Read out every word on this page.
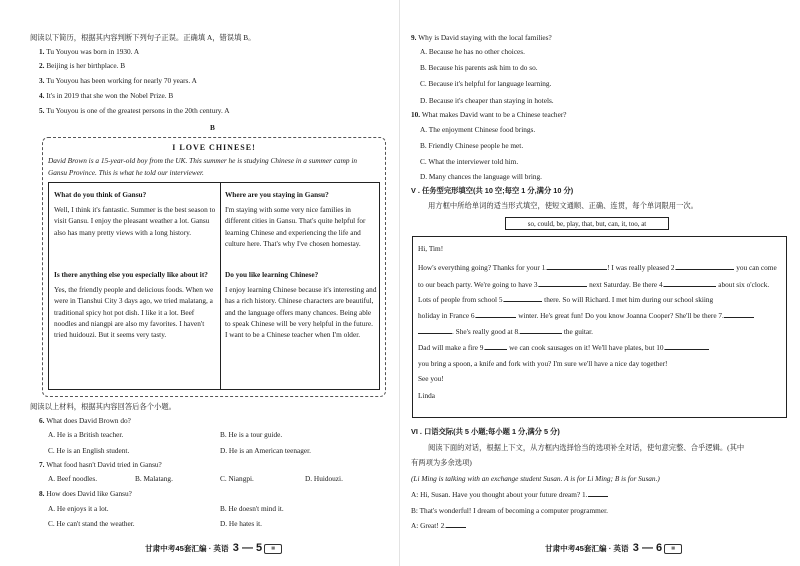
阅读以下简历，根据其内容判断下列句子正误。正确填 A，错误填 B。
1. Tu Youyou was born in 1930. A
2. Beijing is her birthplace. B
3. Tu Youyou has been working for nearly 70 years. A
4. It's in 2019 that she won the Nobel Prize. B
5. Tu Youyou is one of the greatest persons in the 20th century. A
B
I LOVE CHINESE!
David Brown is a 15-year-old boy from the UK. This summer he is studying Chinese in a summer camp in
Gansu Province. This is what he told our interviewer.
What do you think of Gansu?
Well, I think it's fantastic. Summer is the best season to visit Gansu. I enjoy the pleasant weather a lot. Gansu also has many pretty views with a long history.
Is there anything else you especially like about it?
Yes, the friendly people and delicious foods. When we were in Tianshui City 3 days ago, we tried malatang, a traditional spicy hot pot dish. I like it a lot. Beef noodles and niangpi are also my favorites. I haven't tried huidouzi. But it seems very tasty.
Where are you staying in Gansu?
I'm staying with some very nice families in different cities in Gansu. That's quite helpful for learning Chinese and experiencing the life and culture here. That's why I've chosen homestay.
Do you like learning Chinese?
I enjoy learning Chinese because it's interesting and has a rich history. Chinese characters are beautiful, and the language offers many chances. Being able to speak Chinese will be very helpful in the future. I want to be a Chinese teacher when I'm older.
阅读以上材料，根据其内容回答后各个小题。
6. What does David Brown do?
A. He is a British teacher.	B. He is a tour guide.
C. He is an English student.	D. He is an American teenager.
7. What food hasn't David tried in Gansu?
A. Beef noodles.	B. Malatang.	C. Niangpi.	D. Huidouzi.
8. How does David like Gansu?
A. He enjoys it a lot.	B. He doesn't mind it.
C. He can't stand the weather.	D. He hates it.
甘肃中考45套汇编 · 英语 3 — 5 ▦
9. Why is David staying with the local families?
A. Because he has no other choices.
B. Because his parents ask him to do so.
C. Because it's helpful for language learning.
D. Because it's cheaper than staying in hotels.
10. What makes David want to be a Chinese teacher?
A. The enjoyment Chinese food brings.
B. Friendly Chinese people he met.
C. What the interviewer told him.
D. Many chances the language will bring.
V . 任务型完形填空(共 10 空;每空 1 分,满分 10 分)
用方框中所给单词的适当形式填空，使短文通顺、正确、连贯，每个单词限用一次。
so, could, be, play, that, but, can, it, too, at
Hi, Tim!
How's everything going? Thanks for your 1.	! I was really pleased 2.	you can come
to our beach party. We're going to have 3.	next Saturday. Be there 4.	about six o'clock.
Lots of people from school 5.	there. So will Richard. I met him during our school skiing
holiday in France 6.	winter. He's great fun! Do you know Joanna Cooper? She'll be there 7.
. She's really good at 8.	the guitar.
Dad will make a fire 9.	we can cook sausages on it! We'll have plates, but 10.
you bring a spoon, a knife and fork with you? I'm sure we'll have a nice day together!
See you!
Linda
VI . 口语交际(共 5 小题;每小题 1 分,满分 5 分)
阅读下面的对话，根据上下文，从方框内选择恰当的选项补全对话，使句意完整、合乎逻辑。(其中
有两项为多余选项)
(Li Ming is talking with an exchange student Susan. A is for Li Ming; B is for Susan.)
A: Hi, Susan. Have you thought about your future dream? 1.
B: That's wonderful! I dream of becoming a computer programmer.
A: Great! 2.
甘肃中考45套汇编 · 英语 3 — 6 ▦
